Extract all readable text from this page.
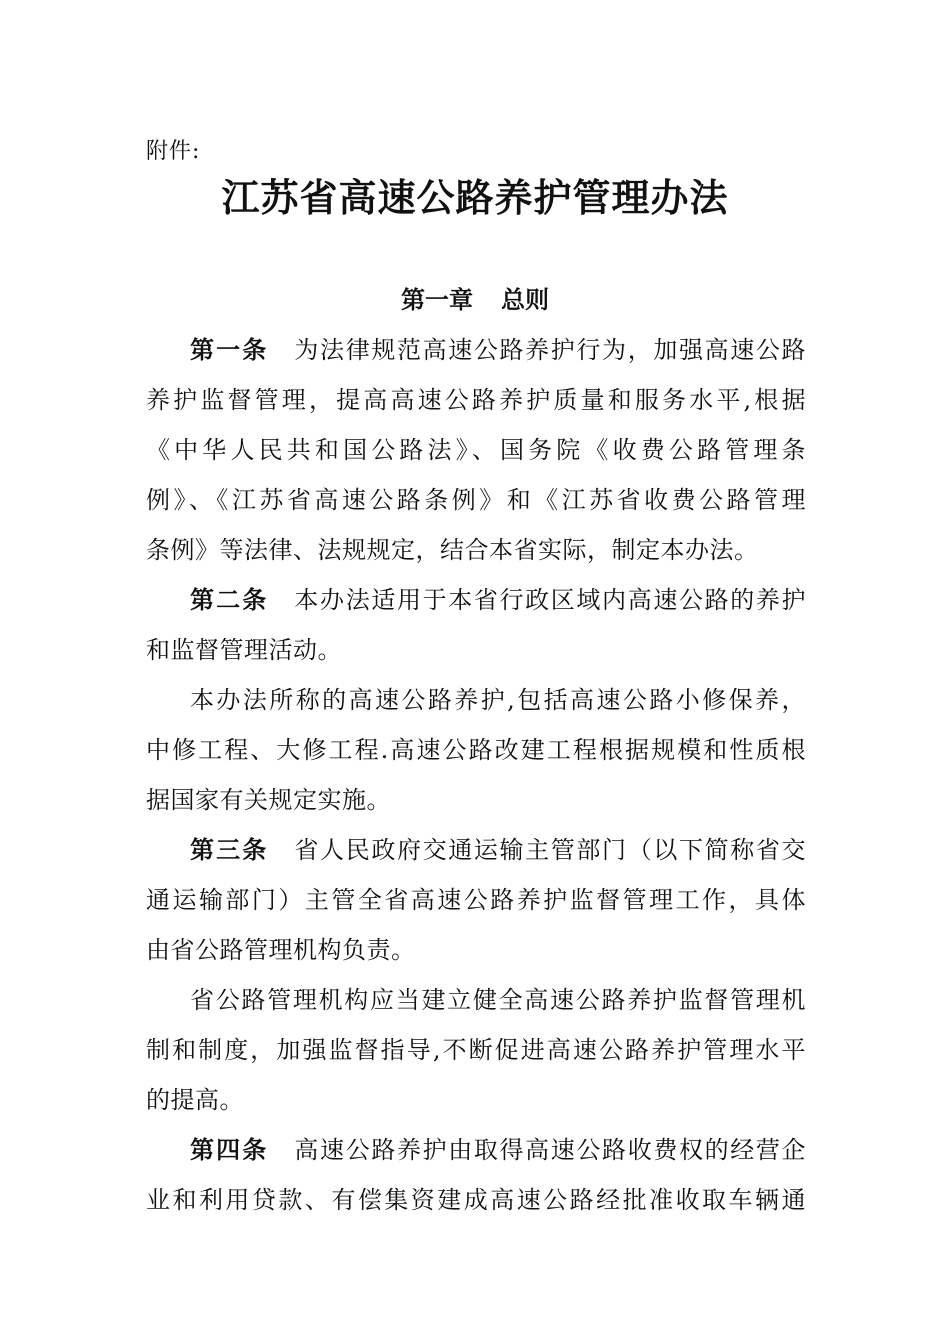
附件:
江苏省高速公路养护管理办法
第一章 总则
第一条 为法律规范高速公路养护行为，加强高速公路
养护监督管理，提高高速公路养护质量和服务水平,根据
《中华人民共和国公路法》、国务院《收费公路管理条
例》、《江苏省高速公路条例》和《江苏省收费公路管理
条例》等法律、法规规定，结合本省实际，制定本办法。
第二条 本办法适用于本省行政区域内高速公路的养护
和监督管理活动。
本办法所称的高速公路养护,包括高速公路小修保养，
中修工程、大修工程.高速公路改建工程根据规模和性质根
据国家有关规定实施。
第三条 省人民政府交通运输主管部门（以下简称省交
通运输部门）主管全省高速公路养护监督管理工作，具体
由省公路管理机构负责。
省公路管理机构应当建立健全高速公路养护监督管理机
制和制度，加强监督指导,不断促进高速公路养护管理水平
的提高。
第四条 高速公路养护由取得高速公路收费权的经营企
业和利用贷款、有偿集资建成高速公路经批准收取车辆通
